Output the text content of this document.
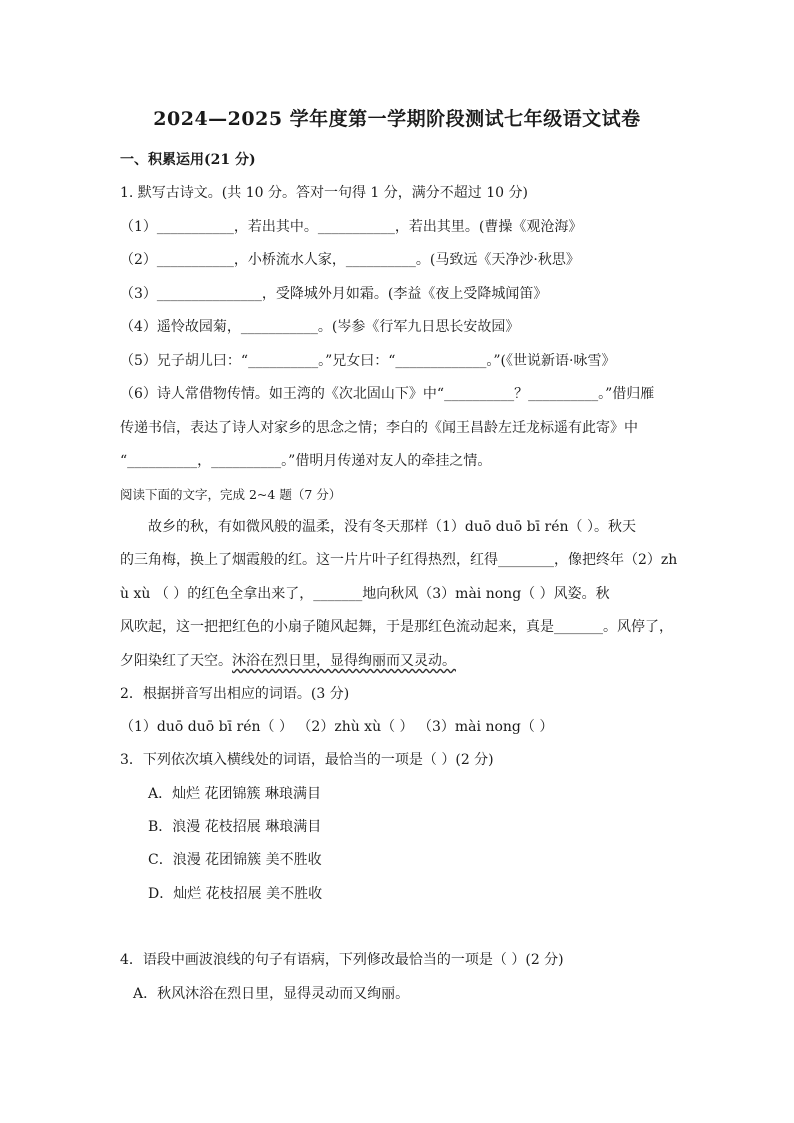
2024—2025 学年度第一学期阶段测试七年级语文试卷
一、积累运用(21 分)
1. 默写古诗文。(共 10 分。答对一句得 1 分，满分不超过 10 分)
（1）___________，若出其中。___________，若出其里。(曹操《观沧海》
（2）___________，小桥流水人家，__________。(马致远《天净沙·秋思》
（3）_______________，受降城外月如霜。(李益《夜上受降城闻笛》
（4）遥怜故园菊，___________。(岑参《行军九日思长安故园》
（5）兄子胡儿曰：“__________。”兄女曰：“_____________。”(《世说新语·咏雪》
（6）诗人常借物传情。如王湾的《次北固山下》中“__________？__________。”借归雁
传递书信，表达了诗人对家乡的思念之情；李白的《闻王昌龄左迁龙标遥有此寄》中
“__________，__________。”借明月传递对友人的牵挂之情。
阅读下面的文字，完成 2~4 题（7 分）
故乡的秋，有如微风般的温柔，没有冬天那样（1）duō duō bī rén（ ）。秋天
的三角梅，换上了烟霞般的红。这一片片叶子红得热烈，红得________，像把终年（2）zh
ù xù （ ）的红色全拿出来了，_______地向秋风（3）mài nong（ ）风姿。秋
风吹起，这一把把红色的小扇子随风起舞，于是那红色流动起来，真是_______。风停了，
夕阳染红了天空。沐浴在烈日里，显得绚丽而又灵动。
2．根据拼音写出相应的词语。(3 分)
（1）duō duō bī rén（ ） （2）zhù xù（ ） （3）mài nong（ ）
3．下列依次填入横线处的词语，最恰当的一项是（ ）(2 分)
A．灿烂 花团锦簇 琳琅满目
B．浪漫 花枝招展 琳琅满目
C．浪漫 花团锦簇 美不胜收
D．灿烂 花枝招展 美不胜收
4．语段中画波浪线的句子有语病，下列修改最恰当的一项是（ ）(2 分)
A．秋风沐浴在烈日里，显得灵动而又绚丽。
